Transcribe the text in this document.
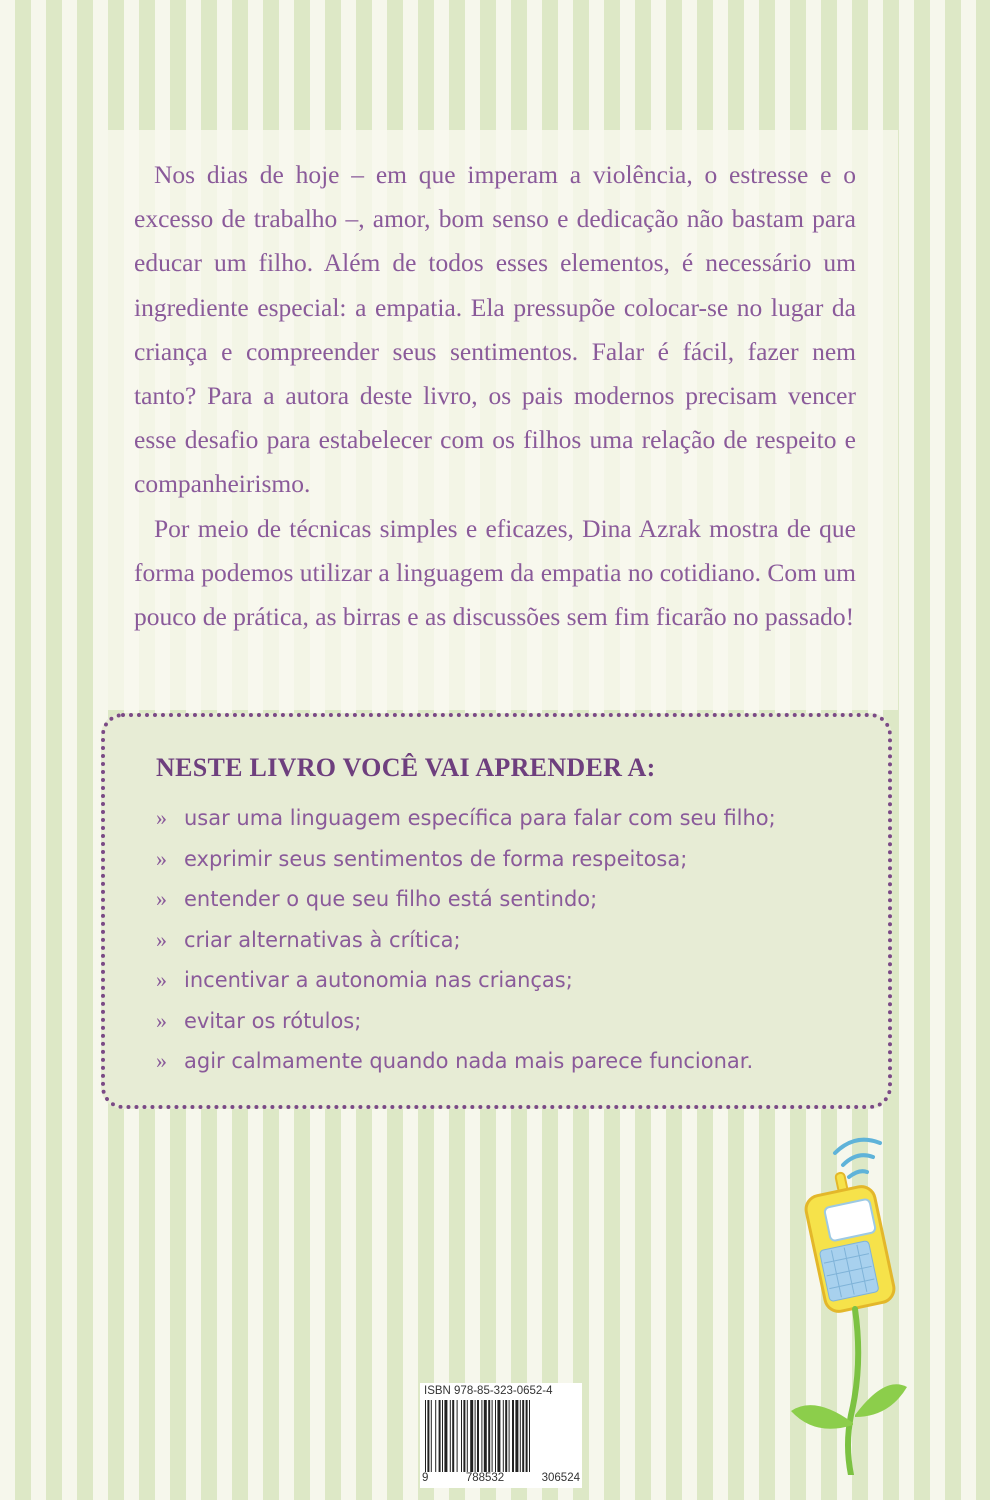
Nos dias de hoje – em que imperam a violência, o estresse e o excesso de trabalho –, amor, bom senso e dedicação não bastam para educar um filho. Além de todos esses elementos, é necessário um ingrediente especial: a empatia. Ela pressupõe colocar-se no lugar da criança e compreender seus sentimentos. Falar é fácil, fazer nem tanto? Para a autora deste livro, os pais modernos precisam vencer esse desafio para estabelecer com os filhos uma relação de respeito e companheirismo.

Por meio de técnicas simples e eficazes, Dina Azrak mostra de que forma podemos utilizar a linguagem da empatia no cotidiano. Com um pouco de prática, as birras e as discussões sem fim ficarão no passado!

NESTE LIVRO VOCÊ VAI APRENDER A:
» usar uma linguagem específica para falar com seu filho;
» exprimir seus sentimentos de forma respeitosa;
» entender o que seu filho está sentindo;
» criar alternativas à crítica;
» incentivar a autonomia nas crianças;
» evitar os rótulos;
» agir calmamente quando nada mais parece funcionar.
ISBN 978-85-323-0652-4
9	788532	306524
